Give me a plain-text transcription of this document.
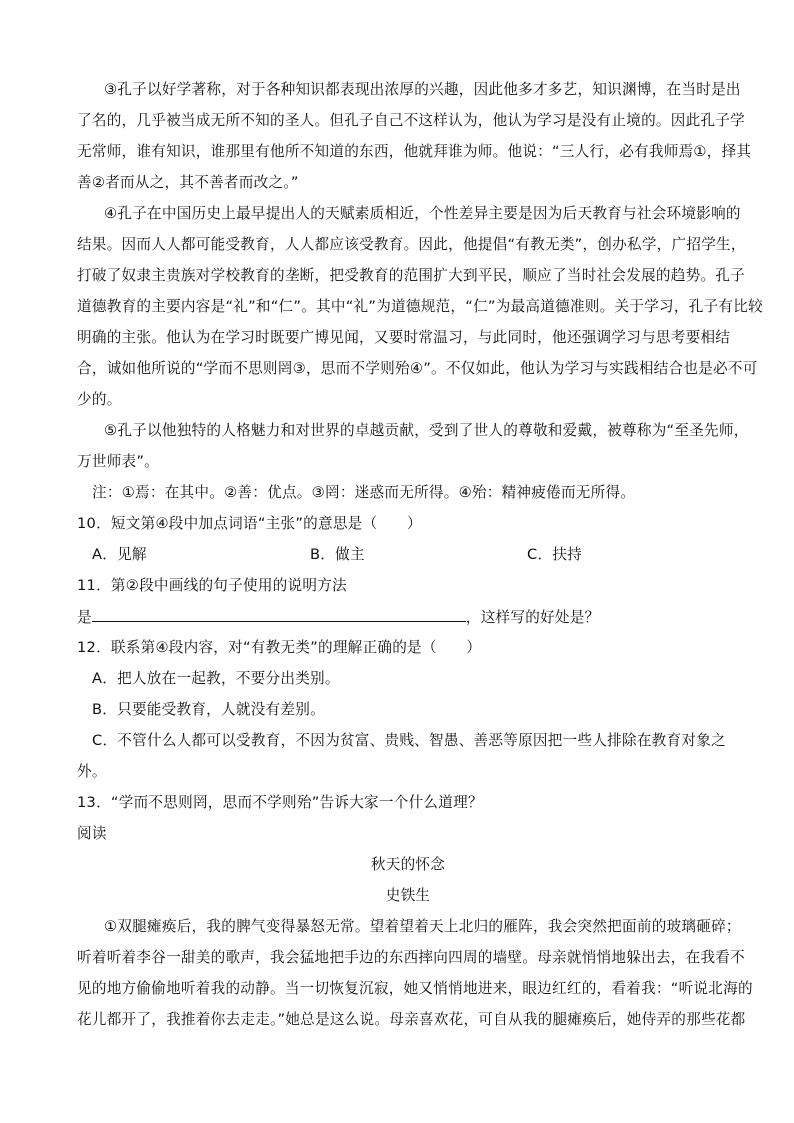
③孔子以好学著称，对于各种知识都表现出浓厚的兴趣，因此他多才多艺，知识渊博，在当时是出
了名的，几乎被当成无所不知的圣人。但孔子自己不这样认为，他认为学习是没有止境的。因此孔子学
无常师，谁有知识，谁那里有他所不知道的东西，他就拜谁为师。他说：“三人行，必有我师焉①，择其
善②者而从之，其不善者而改之。”
④孔子在中国历史上最早提出人的天赋素质相近，个性差异主要是因为后天教育与社会环境影响的
结果。因而人人都可能受教育，人人都应该受教育。因此，他提倡“有教无类”，创办私学，广招学生，
打破了奴隶主贵族对学校教育的垄断，把受教育的范围扩大到平民，顺应了当时社会发展的趋势。孔子
道德教育的主要内容是“礼”和“仁”。其中“礼”为道德规范，“仁”为最高道德准则。关于学习，孔子有比较
明确的主张。他认为在学习时既要广博见闻，又要时常温习，与此同时，他还强调学习与思考要相结
合，诚如他所说的“学而不思则罔③，思而不学则殆④”。不仅如此，他认为学习与实践相结合也是必不可
少的。
⑤孔子以他独特的人格魅力和对世界的卓越贡献，受到了世人的尊敬和爱戴，被尊称为“至圣先师，
万世师表”。
注：①焉：在其中。②善：优点。③罔：迷惑而无所得。④殆：精神疲倦而无所得。
10．短文第④段中加点词语“主张”的意思是（　　）
A．见解	B．做主	C．扶持
11．第②段中画线的句子使用的说明方法
是	，这样写的好处是？
12．联系第④段内容，对“有教无类”的理解正确的是（　　）
A．把人放在一起教，不要分出类别。
B．只要能受教育，人就没有差别。
C．不管什么人都可以受教育，不因为贫富、贵贱、智愚、善恶等原因把一些人排除在教育对象之
外。
13．“学而不思则罔，思而不学则殆”告诉大家一个什么道理？
阅读
秋天的怀念
史铁生
①双腿瘫痪后，我的脾气变得暴怒无常。望着望着天上北归的雁阵，我会突然把面前的玻璃砸碎；
听着听着李谷一甜美的歌声，我会猛地把手边的东西摔向四周的墙壁。母亲就悄悄地躲出去，在我看不
见的地方偷偷地听着我的动静。当一切恢复沉寂，她又悄悄地进来，眼边红红的，看着我：“听说北海的
花儿都开了，我推着你去走走。”她总是这么说。母亲喜欢花，可自从我的腿瘫痪后，她侍弄的那些花都
